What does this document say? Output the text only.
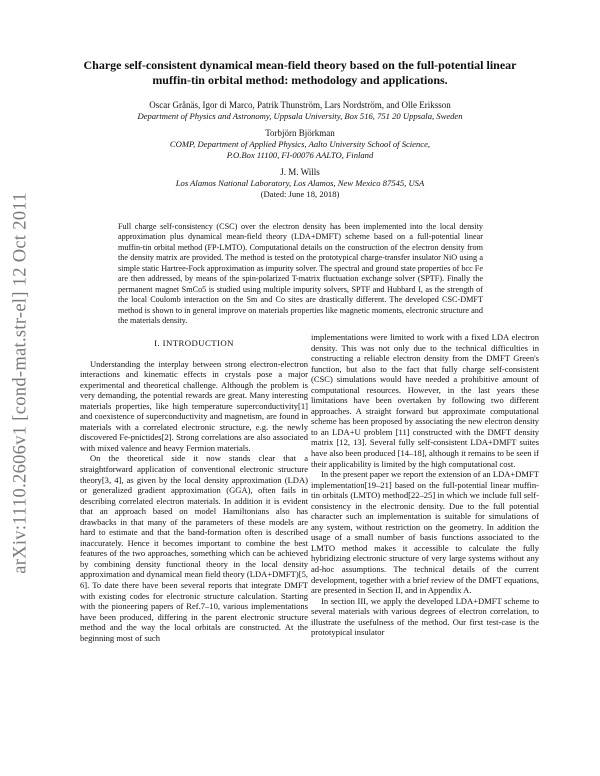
arXiv:1110.2606v1 [cond-mat.str-el] 12 Oct 2011
Charge self-consistent dynamical mean-field theory based on the full-potential linear
muffin-tin orbital method: methodology and applications.
Oscar Grånäs, Igor di Marco, Patrik Thunström, Lars Nordström, and Olle Eriksson
Department of Physics and Astronomy, Uppsala University, Box 516, 751 20 Uppsala, Sweden
Torbjörn Björkman
COMP, Department of Applied Physics, Aalto University School of Science,
P.O.Box 11100, FI-00076 AALTO, Finland
J. M. Wills
Los Alamos National Laboratory, Los Alamos, New Mexico 87545, USA
(Dated: June 18, 2018)
Full charge self-consistency (CSC) over the electron density has been implemented into the local density approximation plus dynamical mean-field theory (LDA+DMFT) scheme based on a full-potential linear muffin-tin orbital method (FP-LMTO). Computational details on the construction of the electron density from the density matrix are provided. The method is tested on the prototypical charge-transfer insulator NiO using a simple static Hartree-Fock approximation as impurity solver. The spectral and ground state properties of bcc Fe are then addressed, by means of the spin-polarized T-matrix fluctuation exchange solver (SPTF). Finally the permanent magnet SmCo5 is studied using multiple impurity solvers, SPTF and Hubbard I, as the strength of the local Coulomb interaction on the Sm and Co sites are drastically different. The developed CSC-DMFT method is shown to in general improve on materials properties like magnetic moments, electronic structure and the materials density.
I. INTRODUCTION

Understanding the interplay between strong electron-electron interactions and kinematic effects in crystals pose a major experimental and theoretical challenge. Although the problem is very demanding, the potential rewards are great. Many interesting materials properties, like high temperature superconductivity[1] and coexistence of superconductivity and magnetism, are found in materials with a correlated electronic structure, e.g. the newly discovered Fe-pnictides[2]. Strong correlations are also associated with mixed valence and heavy Fermion materials.

On the theoretical side it now stands clear that a straightforward application of conventional electronic structure theory[3, 4], as given by the local density approximation (LDA) or generalized gradient approximation (GGA), often fails in describing correlated electron materials. In addition it is evident that an approach based on model Hamiltonians also has drawbacks in that many of the parameters of these models are hard to estimate and that the band-formation often is described inaccurately. Hence it becomes important to combine the best features of the two approaches, something which can be achieved by combining density functional theory in the local density approximation and dynamical mean field theory (LDA+DMFT)[5, 6]. To date there have been several reports that integrate DMFT with existing codes for electronic structure calculation. Starting with the pioneering papers of Ref.7–10, various implementations have been produced, differing in the parent electronic structure method and the way the local orbitals are constructed. At the beginning most of such

implementations were limited to work with a fixed LDA electron density. This was not only due to the technical difficulties in constructing a reliable electron density from the DMFT Green's function, but also to the fact that fully charge self-consistent (CSC) simulations would have needed a prohibitive amount of computational resources. However, in the last years these limitations have been overtaken by following two different approaches. A straight forward but approximate computational scheme has been proposed by associating the new electron density to an LDA+U problem [11] constructed with the DMFT density matrix [12, 13]. Several fully self-consistent LDA+DMFT suites have also been produced [14–18], although it remains to be seen if their applicability is limited by the high computational cost.

In the present paper we report the extension of an LDA+DMFT implementation[19–21] based on the full-potential linear muffin-tin orbitals (LMTO) method[22–25] in which we include full self-consistency in the electronic density. Due to the full potential character such an implementation is suitable for simulations of any system, without restriction on the geometry. In addition the usage of a small number of basis functions associated to the LMTO method makes it accessible to calculate the fully hybridizing electronic structure of very large systems without any ad-hoc assumptions. The technical details of the current development, together with a brief review of the DMFT equations, are presented in Section II, and in Appendix A.

In section III, we apply the developed LDA+DMFT scheme to several materials with various degrees of electron correlation, to illustrate the usefulness of the method. Our first test-case is the prototypical insulator
